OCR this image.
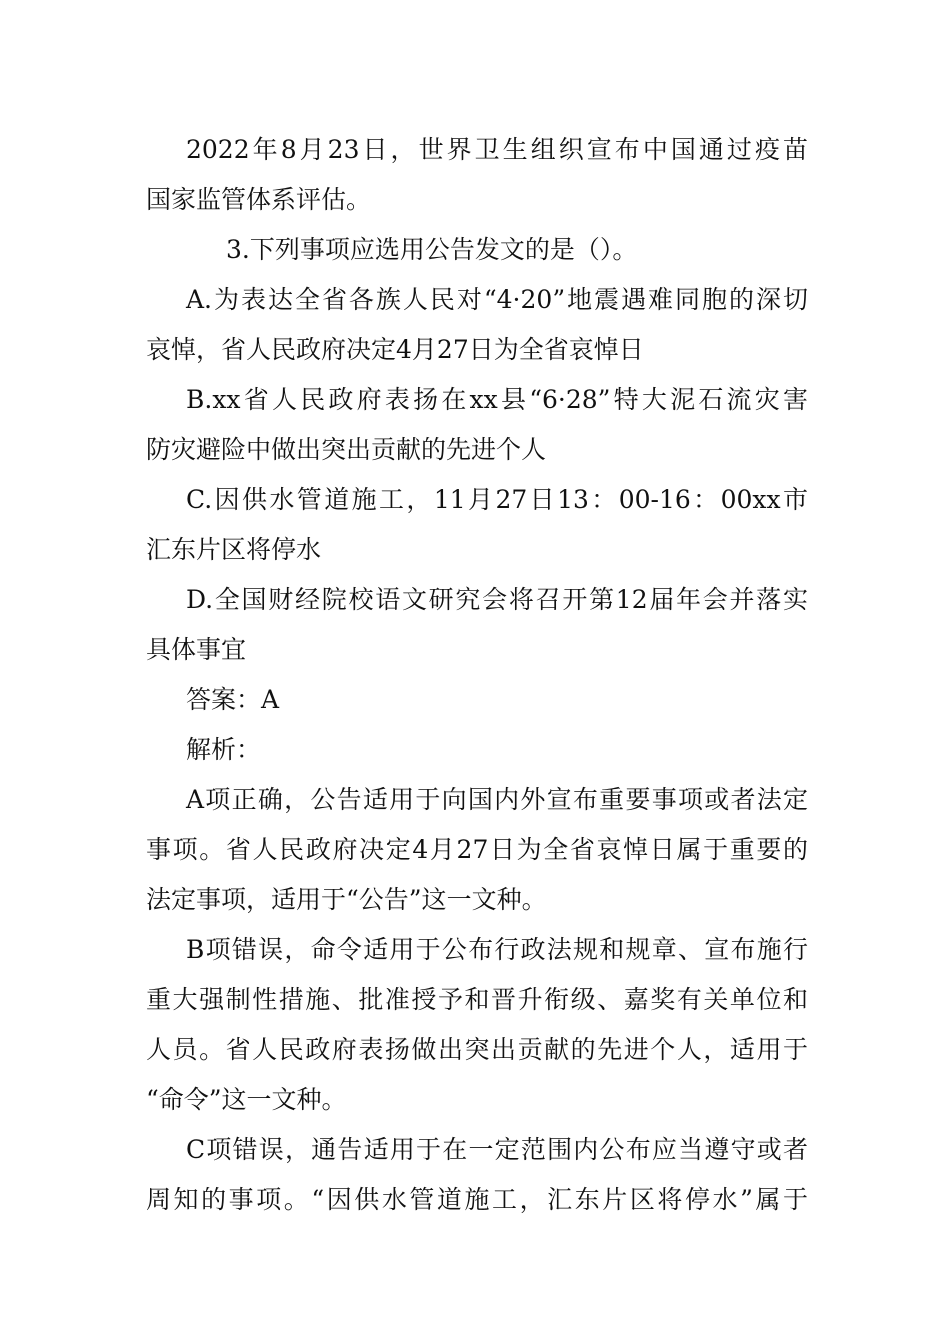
2022年8月23日，世界卫生组织宣布中国通过疫苗
国家监管体系评估。
3.下列事项应选用公告发文的是（）。
A.为表达全省各族人民对“4·20”地震遇难同胞的深切
哀悼，省人民政府决定4月27日为全省哀悼日
B.xx省人民政府表扬在xx县“6·28”特大泥石流灾害
防灾避险中做出突出贡献的先进个人
C.因供水管道施工，11月27日13：00-16：00xx市
汇东片区将停水
D.全国财经院校语文研究会将召开第12届年会并落实
具体事宜
答案：A
解析：
A项正确，公告适用于向国内外宣布重要事项或者法定
事项。省人民政府决定4月27日为全省哀悼日属于重要的
法定事项，适用于“公告”这一文种。
B项错误，命令适用于公布行政法规和规章、宣布施行
重大强制性措施、批准授予和晋升衔级、嘉奖有关单位和
人员。省人民政府表扬做出突出贡献的先进个人，适用于
“命令”这一文种。
C项错误，通告适用于在一定范围内公布应当遵守或者
周知的事项。“因供水管道施工，汇东片区将停水”属于
